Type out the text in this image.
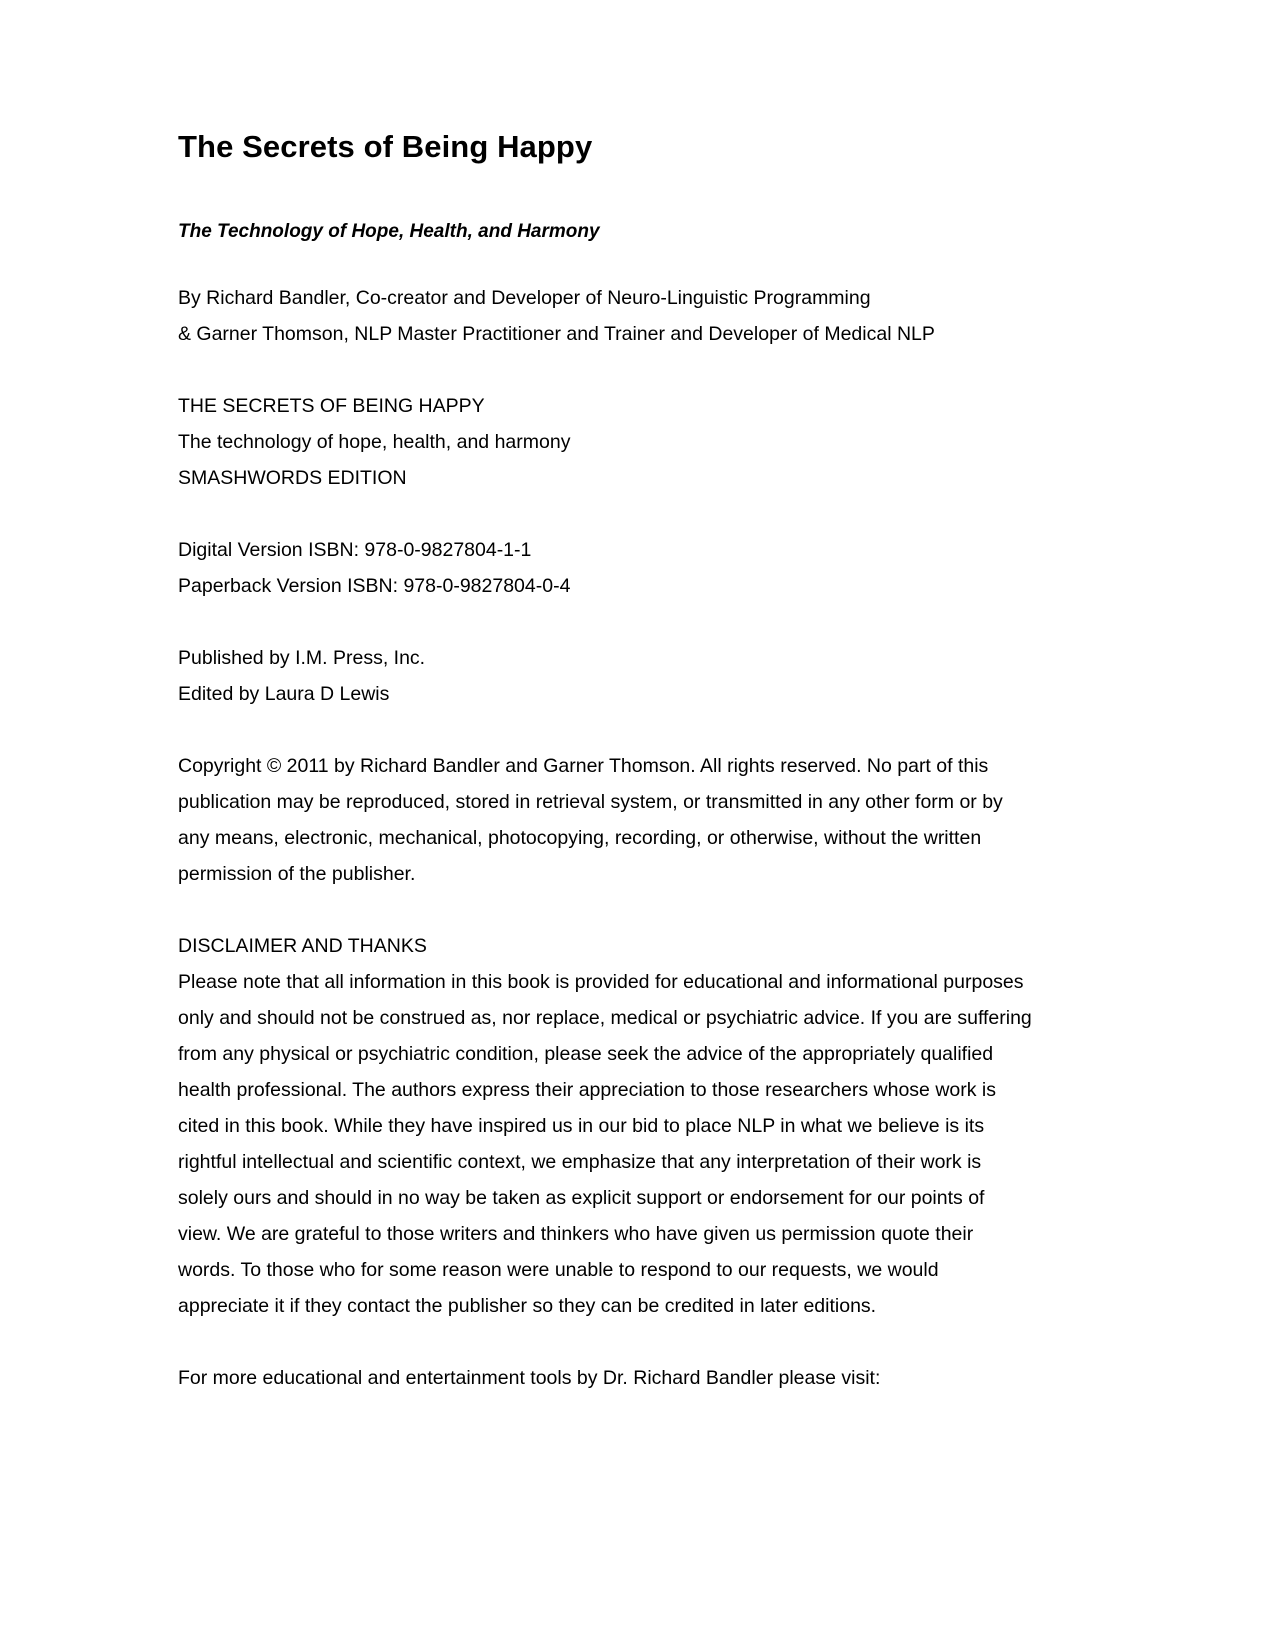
The Secrets of Being Happy
The Technology of Hope, Health, and Harmony

By Richard Bandler, Co-creator and Developer of Neuro-Linguistic Programming

& Garner Thomson, NLP Master Practitioner and Trainer and Developer of Medical NLP

THE SECRETS OF BEING HAPPY

The technology of hope, health, and harmony

SMASHWORDS EDITION

Digital Version ISBN: 978-0-9827804-1-1

Paperback Version ISBN: 978-0-9827804-0-4

Published by I.M. Press, Inc.

Edited by Laura D Lewis

Copyright © 2011 by Richard Bandler and Garner Thomson. All rights reserved. No part of this publication may be reproduced, stored in retrieval system, or transmitted in any other form or by any means, electronic, mechanical, photocopying, recording, or otherwise, without the written permission of the publisher.

DISCLAIMER AND THANKS

Please note that all information in this book is provided for educational and informational purposes only and should not be construed as, nor replace, medical or psychiatric advice. If you are suffering from any physical or psychiatric condition, please seek the advice of the appropriately qualified health professional. The authors express their appreciation to those researchers whose work is cited in this book. While they have inspired us in our bid to place NLP in what we believe is its rightful intellectual and scientific context, we emphasize that any interpretation of their work is solely ours and should in no way be taken as explicit support or endorsement for our points of view. We are grateful to those writers and thinkers who have given us permission quote their words. To those who for some reason were unable to respond to our requests, we would appreciate it if they contact the publisher so they can be credited in later editions.

For more educational and entertainment tools by Dr. Richard Bandler please visit:
